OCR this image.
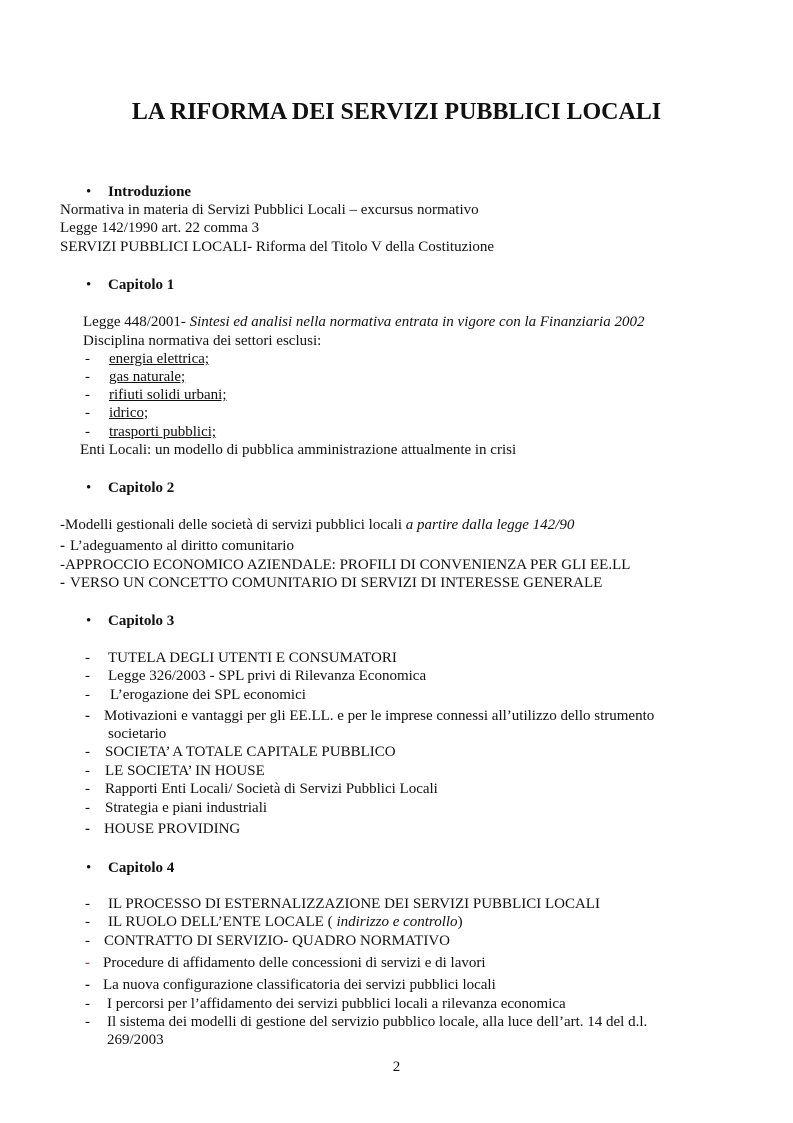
LA RIFORMA DEI SERVIZI PUBBLICI LOCALI
• Introduzione
Normativa in materia di Servizi Pubblici Locali – excursus normativo
Legge 142/1990 art. 22 comma 3
SERVIZI PUBBLICI LOCALI- Riforma del Titolo V della Costituzione
• Capitolo 1
Legge 448/2001- Sintesi ed analisi nella normativa entrata in vigore con la Finanziaria 2002
Disciplina normativa dei settori esclusi:
- energia elettrica;
- gas naturale;
- rifiuti solidi urbani;
- idrico;
- trasporti pubblici;
Enti Locali: un modello di pubblica amministrazione attualmente in crisi
• Capitolo 2
-Modelli gestionali delle società di servizi pubblici locali a partire dalla legge 142/90
- L’adeguamento al diritto comunitario
-APPROCCIO ECONOMICO AZIENDALE: PROFILI DI CONVENIENZA PER GLI EE.LL
- VERSO UN CONCETTO COMUNITARIO DI SERVIZI DI INTERESSE GENERALE
• Capitolo 3
- TUTELA DEGLI UTENTI E CONSUMATORI
- Legge 326/2003 - SPL privi di Rilevanza Economica
- L’erogazione dei SPL economici
- Motivazioni e vantaggi per gli EE.LL. e per le imprese connessi all’utilizzo dello strumento
societario
- SOCIETA’ A TOTALE CAPITALE PUBBLICO
- LE SOCIETA’ IN HOUSE
- Rapporti Enti Locali/ Società di Servizi Pubblici Locali
- Strategia e piani industriali
- HOUSE PROVIDING
• Capitolo 4
- IL PROCESSO DI ESTERNALIZZAZIONE DEI SERVIZI PUBBLICI LOCALI
- IL RUOLO DELL’ENTE LOCALE ( indirizzo e controllo)
- CONTRATTO DI SERVIZIO- QUADRO NORMATIVO
- Procedure di affidamento delle concessioni di servizi e di lavori
- La nuova configurazione classificatoria dei servizi pubblici locali
- I percorsi per l’affidamento dei servizi pubblici locali a rilevanza economica
- Il sistema dei modelli di gestione del servizio pubblico locale, alla luce dell’art. 14 del d.l.
269/2003
2
